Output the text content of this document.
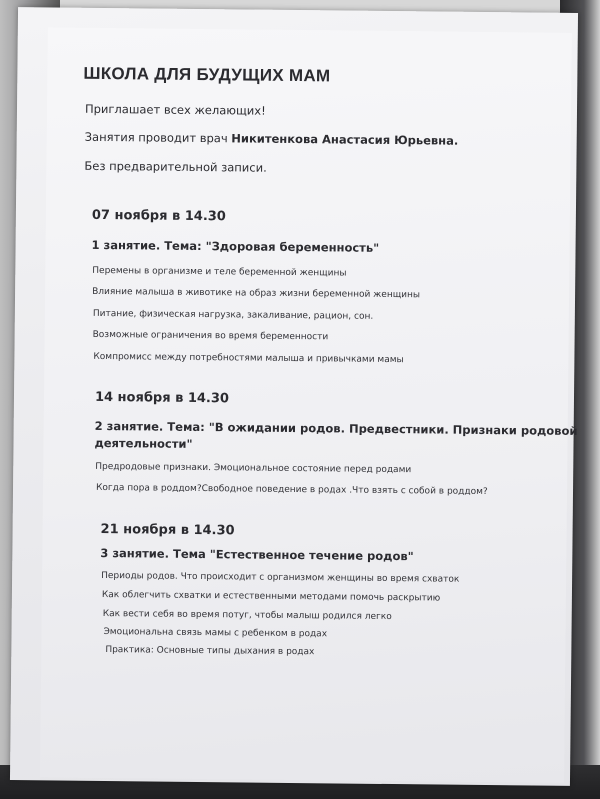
ШКОЛА ДЛЯ БУДУЩИХ МАМ
Приглашает всех желающих!
Занятия проводит врач Никитенкова Анастасия Юрьевна.
Без предварительной записи.
07 ноября в 14.30
1 занятие. Тема: "Здоровая беременность"
Перемены в организме и теле беременной женщины
Влияние малыша в животике на образ жизни беременной женщины
Питание, физическая нагрузка, закаливание, рацион, сон.
Возможные ограничения во время беременности
Компромисс между потребностями малыша и привычками мамы
14 ноября в 14.30
2 занятие. Тема: "В ожидании родов. Предвестники. Признаки родовой
деятельности"
Предродовые признаки. Эмоциональное состояние перед родами
Когда пора в роддом?Свободное поведение в родах .Что взять с собой в роддом?
21 ноября в 14.30
3 занятие. Тема "Естественное течение родов"
Периоды родов. Что происходит с организмом женщины во время схваток
Как облегчить схватки и естественными методами помочь раскрытию
Как вести себя во время потуг, чтобы малыш родился легко
Эмоциональна связь мамы с ребенком в родах
Практика: Основные типы дыхания в родах
